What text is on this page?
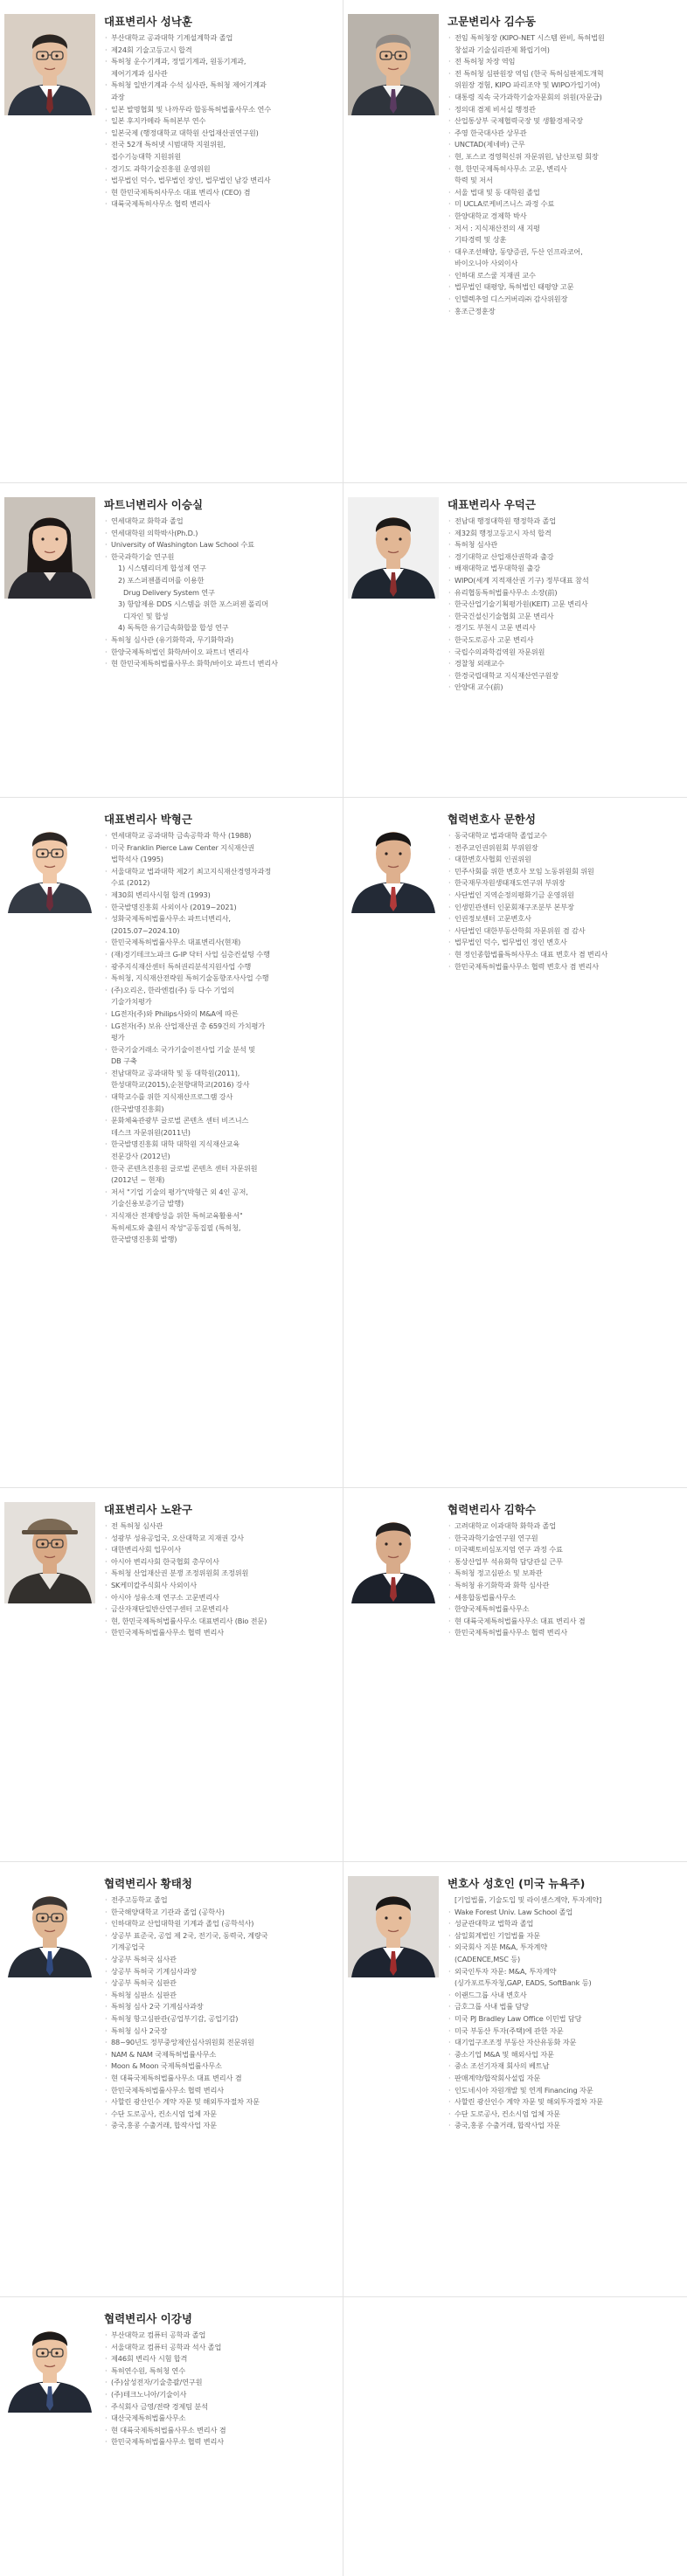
대표변리사 성낙훈
· 부산대학교 공과대학 기계설계학과 졸업
· 제24회 기술고등고시 합격
· 특허청 운수기계과, 정밀기계과, 원동기계과,
제어기계과 심사관
· 특허청 일반기계과 수석 심사관, 특허청 제어기계과
과장
· 일본 발명협회 및 나까무라 합동특허법률사무소 연수
· 일본 후지카메라 특허본부 연수
· 일본국제 (행정대학교 대학원 산업재산권연구원)
· 전국 52개 특허넷 시범대학 지원위원,
접수기능대학 지원위원
· 경기도 과학기술진흥원 운영위원
· 법무법인 덕수, 법무법인 장인, 법무법인 남강 변리사
· 현 한민국제특허사무소 대표 변리사 (CEO) 겸
· 대륙국제특허사무소 협력 변리사
고문변리사 김수동
· 전임 특허청장 (KIPO-NET 시스템 완비, 특허법원
창설과 기술심리관제 확립기여)
· 전 특허청 차장 역임
· 전 특허청 심판원장 역임 (한국 특허심판제도개혁
위원장 경험, KIPO 파리조약 및 WIPO가입기여)
· 대통령 직속 국가과학기술자문회의 위원(자문급)
· 정의대 겸제 비서실 행정관
· 산업통상부 국제협력국장 및 생활경제국장
· 주영 한국대사관 상무관
· UNCTAD(제네바) 근무
· 현, 포스코 경영혁신위 자문위원, 남산포럼 회장
· 현, 한민국제특허사무소 고문, 변리사
학력 및 저서
· 서울 법대 및 동 대학원 졸업
· 미 UCLA로케비즈니스 과정 수료
· 한양대학교 경제학 박사
· 저서 : 지식재산전의 새 지평
기타경력 및 상훈
· 대우조선해양, 동양증권, 두산 인프라코어,
바이오니아 사외이사
· 인하대 로스쿨 지재권 교수
· 법무법인 태평양, 특허법인 태평양 고문
· 인텔렉추얼 디스커버리㈜ 감사위원장
· 홍조근정훈장
파트너변리사 이승실
· 연세대학교 화학과 졸업
· 연세대학원 의학박사(Ph.D.)
· University of Washington Law School 수료
· 한국과학기술 연구원
1) 시스템리더계 합성제 연구
2) 포스퍼젠플리머를 이용한
Drug Delivery System 연구
3) 항암제용 DDS 시스템을 위한 포스퍼젠 폴리머
디자인 및 합성
4) 독특한 유기금속화합물 합성 연구
· 특허청 심사관 (유기화학과, 무기화학과)
· 한양국제특허법인 화학/바이오 파트너 변리사
· 현 한민국제특허법률사무소 화학/바이오 파트너 변리사
대표변리사 우덕근
· 전남대 행정대학원 행정학과 졸업
· 제32회 행정고등고시 자석 합격
· 특허청 심사관
· 경기대학교 산업재산권학과 출강
· 배재대학교 법무대학원 출강
· WIPO(세계 지적재산권 기구) 정부대표 참석
· 유리협동특허법률사무소 소장(前)
· 한국산업기술기획평가원(KEIT) 고문 변리사
· 한국건설신기술협회 고문 변리사
· 경기도 부천시 고문 변리사
· 한국도로공사 고문 변리사
· 국립수의과학검역원 자문위원
· 경찰청 외래교수
· 한경국립대학교 지식재산연구원장
· 안양대 교수(前)
대표변리사 박형근
· 연세대학교 공과대학 금속공학과 학사 (1988)
· 미국 Franklin Pierce Law Center 지식재산권
법학석사 (1995)
· 서울대학교 법과대학 제2기 최고지식재산경영자과정
수료 (2012)
· 제30회 변리사시험 합격 (1993)
· 한국발명진흥회 사외이사 (2019~2021)
· 성화국제특허법률사무소 파트너변리사,
(2015.07~2024.10)
· 한민국제특허법률사무소 대표변리사(현재)
· (재)경기테크노파크 G-IP 닥터 사업 심층컨설팅 수행
· 광주지식재산센터 특허권리분석지원사업 수행
· 특허청, 지식재산전략원 특허기술동향조사사업 수행
· (주)오리온, 한라엔컴(주) 등 다수 기업의
기술가치평가
· LG전자(주)와 Philips사와의 M&A에 따른
· LG전자(주) 보유 산업재산권 총 659건의 가치평가
평가
· 한국기술거래소 국가기술이전사업 기술 분석 및
DB 구축
· 전남대학교 공과대학 및 동 대학원(2011),
한성대학교(2015),순천향대학교(2016) 강사
· 대학교수를 위한 지식재산프로그램 강사
(한국발명진흥회)
· 문화체육관광부 글로벌 콘텐츠 센터 비즈니스
데스크 자문위원(2011년)
· 한국발명진흥회 대학 대학원 지식재산교육
전문강사 (2012년)
· 한국 콘텐츠진흥원 글로벌 콘텐츠 센터 자문위원
(2012년 ~ 현재)
· 저서 "기업 기술의 평가"(박형근 외 4인 공저,
기술신용보증기금 발행)
· 지식재산 전재방성을 위한 특허교육활용서"
특허세도와 출원서 작성"공동집필 (특허청,
한국발명진흥회 발행)
협력변호사 문한성
· 동국대학교 법과대학 졸업교수
· 전주교인권위원회 부위원장
· 대한변호사협회 인권위원
· 민주사회를 위한 변호사 모임 노동위원회 위원
· 한국재무자원생태재도연구위 부위장
· 사단법인 지역순정의평화기금 운영위원
· 인생민관센터 인문회재구조분부 본부장
· 인권정보센터 고문변호사
· 사단법인 대한부동산학회 자문위원 겸 감사
· 법무법인 덕수, 법무법인 정인 변호사
· 현 정인종합법률특허사무소 대표 변호사 겸 변리사
· 한민국제특허법률사무소 협력 변호사 겸 변리사
대표변리사 노완구
· 전 특허청 심사관
· 성광부 성유공업국, 오산대학교 지재권 강사
· 대한변리사회 업무이사
· 아시아 변리사회 한국협회 총무이사
· 특허청 산업재산권 분쟁 조정위원회 조정위원
· SK케미칼주식회사 사외이사
· 아시아 성유소재 연구소 고문변리사
· 금산자재단일반산연구센터 고문변리사
· 현, 한민국제특허법률사무소 대표변리사 (Bio 전문)
· 한민국제특허법률사무소 협력 변리사
협력변리사 김학수
· 고려대학교 이과대학 화학과 졸업
· 한국과학기술연구원 연구원
· 미국팩토비심포지엄 연구 과정 수료
· 통상산업부 석유화학 담당관실 근무
· 특허청 정고심판소 및 보좌관
· 특허청 유기화학과 화학 심사관
· 세흥합동법률사무소
· 한양국제특허법률사무소
· 현 대륙국제특허법률사무소 대표 변리사 겸
· 한민국제특허법률사무소 협력 변리사
협력변리사 황태청
· 전주고등학교 졸업
· 한국해양대학교 기관과 졸업 (공학사)
· 인하대학교 산업대학원 기계과 졸업 (공학석사)
· 상공부 표준국, 공업 제 2국, 전기국, 동력국, 계량국
기계공업국
· 상공부 특허국 심사관
· 상공부 특허국 기계심사과장
· 상공부 특허국 심판관
· 특허청 심판소 심판관
· 특허청 심사 2국 기계심사과장
· 특허청 항고심판관(공업부기감, 공업기감)
· 특허청 심사 2국장
· 88~90년도 정부중앙제안심사위원회 전문위원
· NAM & NAM 국제특허법률사무소
· Moon & Moon 국제특허법률사무소
· 현 대륙국제특허법률사무소 대표 변리사 겸
· 한민국제특허법률사무소 협력 변리사
· 사할린 광산인수 계약 자문 및 해외투자절차 자문
· 수단 도로공사, 컨소시엄 업체 자문
· 중국,홍콩 수출거래, 합작사업 자문
변호사 성호인 (미국 뉴욕주)
[기업법률, 기술도입 및 라이센스계약, 투자계약]
· Wake Forest Univ. Law School 졸업
· 성균관대학교 법학과 졸업
· 삼일회계법인 기업법률 자문
· 외국회사 지분 M&A, 투자계약
(CADENCE,MSC 등)
· 외국인투자 자문: M&A, 투자계약
(싱가포르투자청,GAP, EADS, SoftBank 등)
· 이랜드그룹 사내 변호사
· 금호그룹 사내 법률 담당
· 미국 PJ Bradley Law Office 이민법 담당
· 미국 부동산 투자(주택)에 관한 자문
· 대기업구조조정 부동산 자산유동화 자문
· 중소기업 M&A 및 해외사업 자문
· 중소 조선기자재 회사의 베트남
· 판매계약/합작회사설립 자문
· 인도네시아 자원개발 및 연계 Financing 자문
· 사할린 광산인수 계약 자문 및 해외투자절차 자문
· 수단 도로공사, 컨소시엄 업체 자문
· 중국,홍콩 수출거래, 합작사업 자문
협력변리사 이강녕
· 부산대학교 컴퓨터 공학과 졸업
· 서울대학교 컴퓨터 공학과 석사 졸업
· 제46회 변리사 시험 합격
· 특허연수원, 특허청 연수
· (주)삼성전자/기술총괄/연구원
· (주)테크노니아/기술이사
· 주식회사 금영/전략 경제팀 분석
· 대산국제특허법률사무소
· 현 대륙국제특허법률사무소 변리사 겸
· 한민국제특허법률사무소 협력 변리사
